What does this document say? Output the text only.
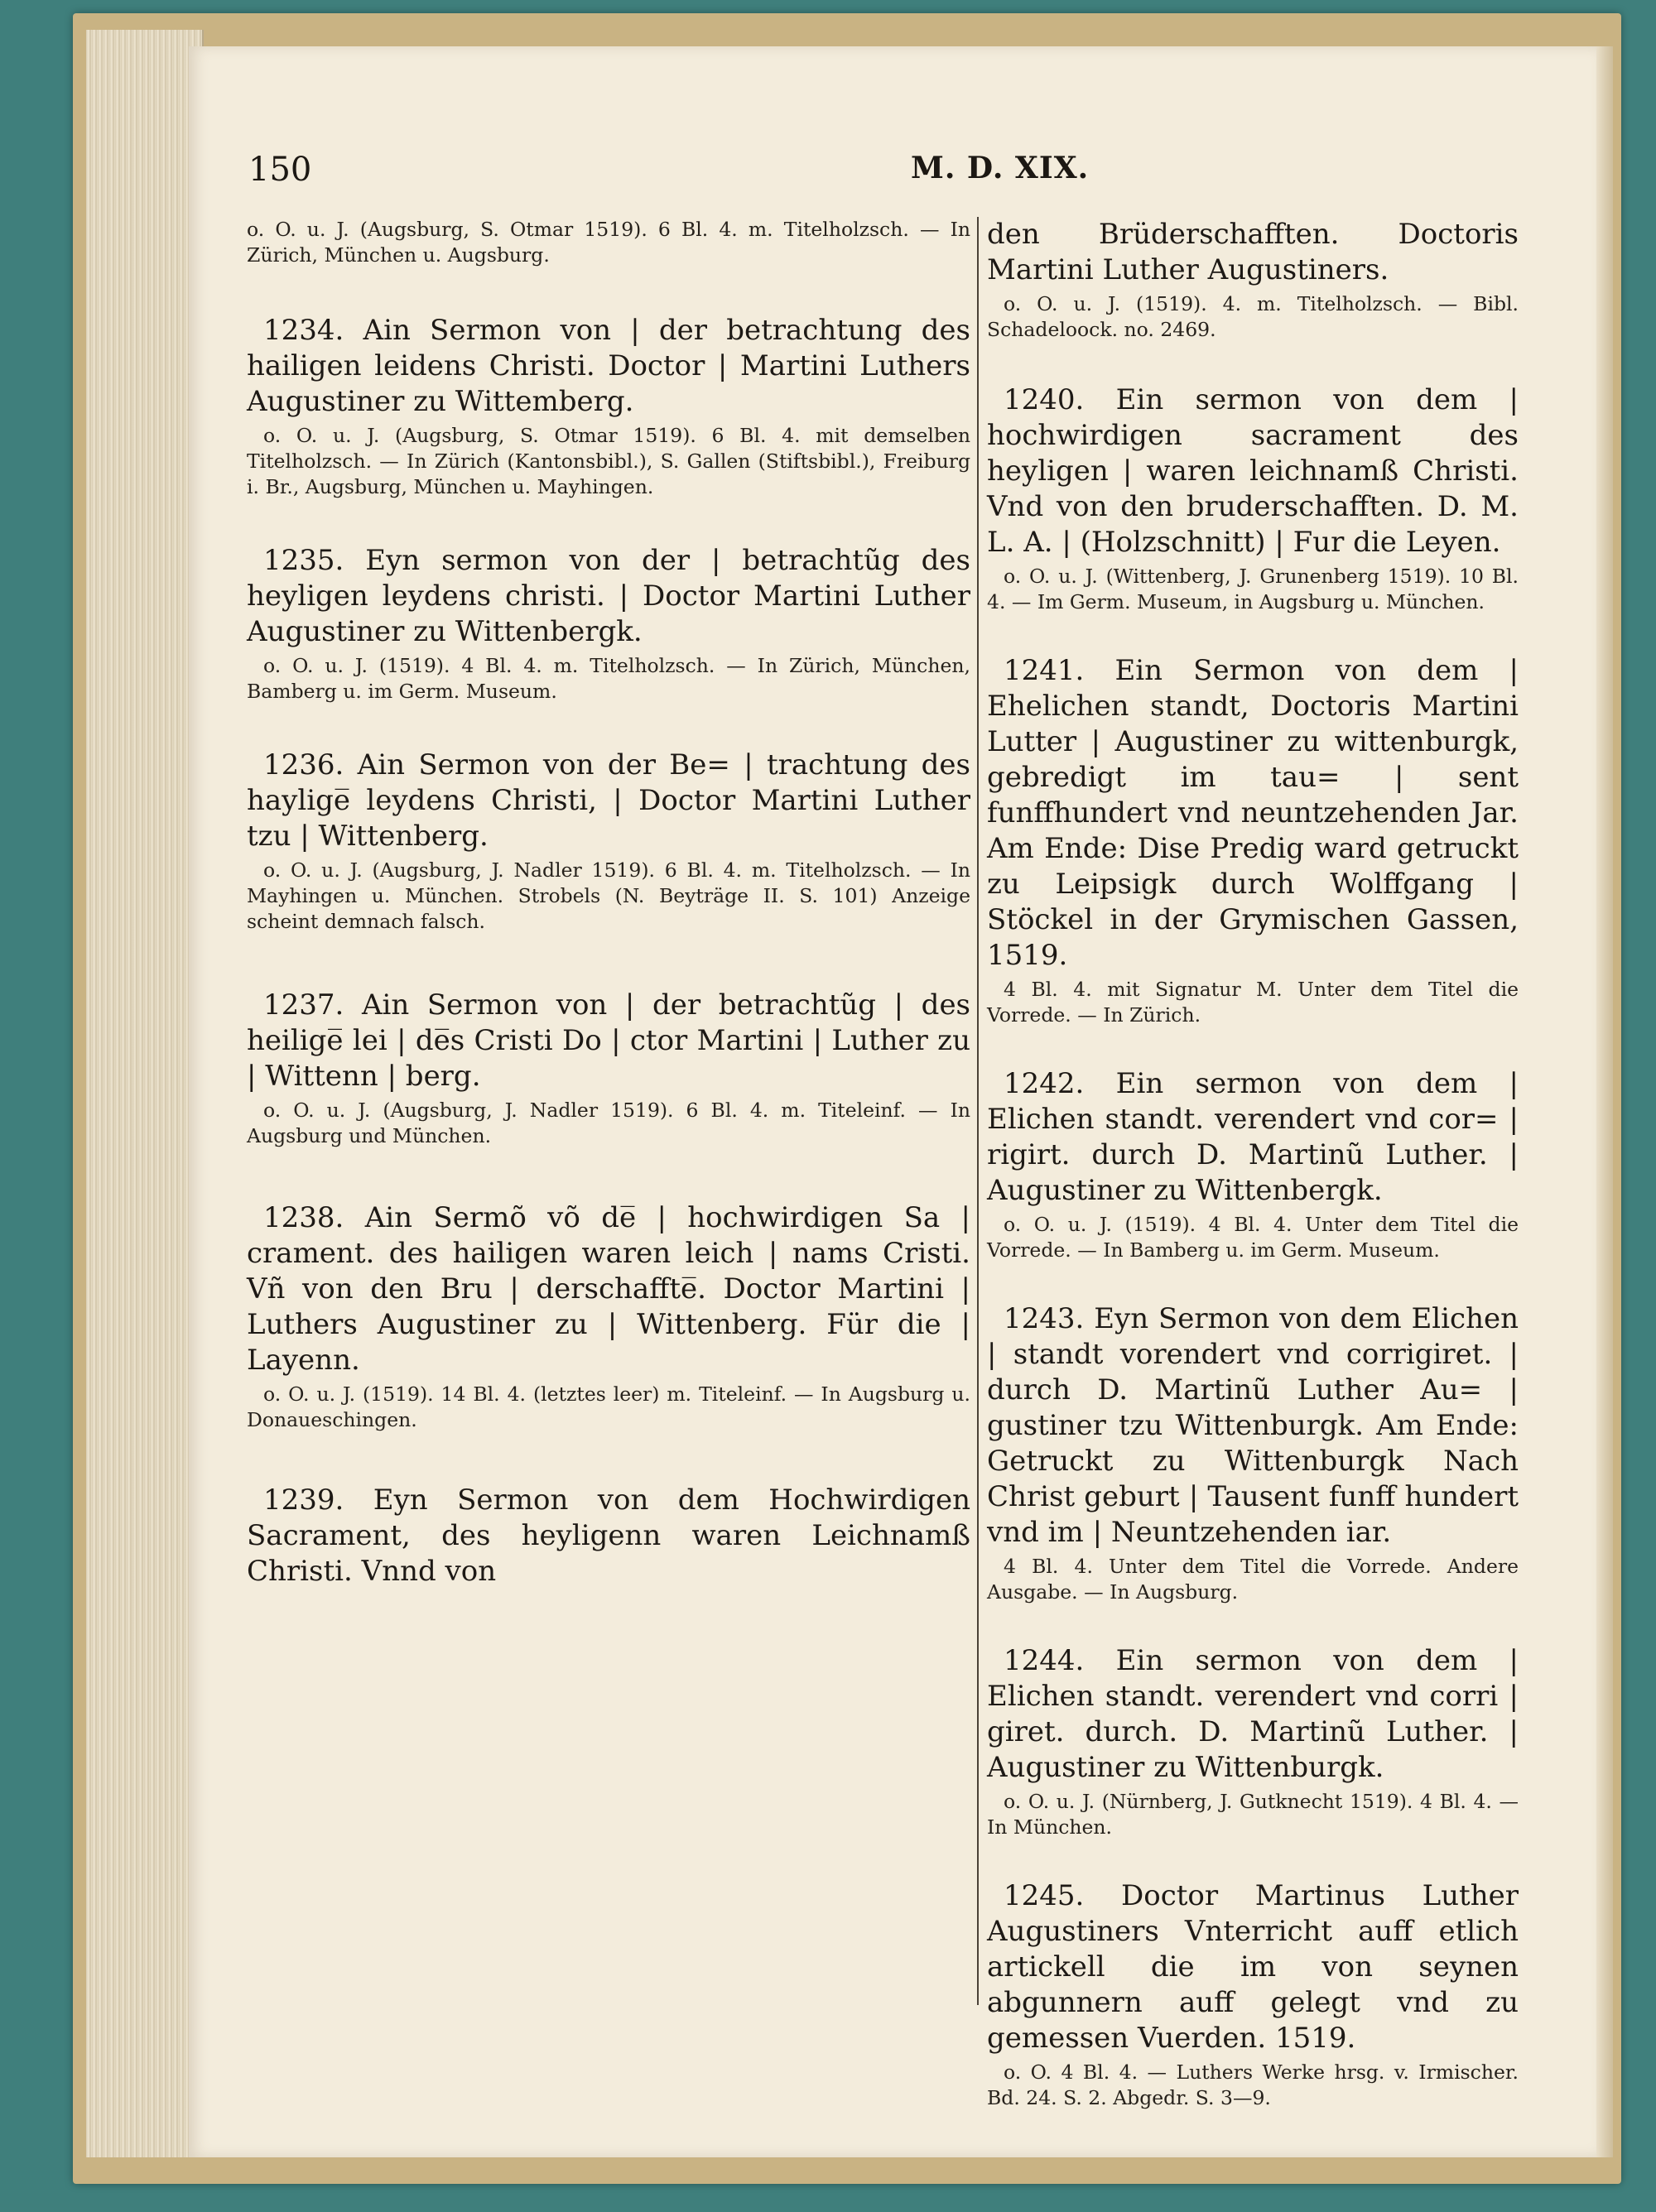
150	M. D. XIX.

o. O. u. J. (Augsburg, S. Otmar 1519). 6 Bl. 4. m. Titelholzsch. — In Zürich, München u. Augsburg.

1234. Ain Sermon von | der betrachtung des hailigen leidens Christi. Doctor | Martini Luthers Augustiner zu Wittemberg.

o. O. u. J. (Augsburg, S. Otmar 1519). 6 Bl. 4. mit demselben Titelholzsch. — In Zürich (Kantonsbibl.), S. Gallen (Stiftsbibl.), Freiburg i. Br., Augsburg, München u. Mayhingen.

1235. Eyn sermon von der | betrachtũg des heyligen leydens christi. | Doctor Martini Luther Augustiner zu Wittenbergk.

o. O. u. J. (1519). 4 Bl. 4. m. Titelholzsch. — In Zürich, München, Bamberg u. im Germ. Museum.

1236. Ain Sermon von der Be= | trachtung des haylige̅ leydens Christi, | Doctor Martini Luther tzu | Wittenberg.

o. O. u. J. (Augsburg, J. Nadler 1519). 6 Bl. 4. m. Titelholzsch. — In Mayhingen u. München. Strobels (N. Beyträge II. S. 101) Anzeige scheint demnach falsch.

1237. Ain Sermon von | der betrachtũg | des heilige̅ lei | de̅s Cristi Do | ctor Martini | Luther zu | Wittenn | berg.

o. O. u. J. (Augsburg, J. Nadler 1519). 6 Bl. 4. m. Titeleinf. — In Augsburg und München.

1238. Ain Sermõ võ de̅ | hochwirdigen Sa | crament. des hailigen waren leich | nams Cristi. Vñ von den Bru | derschaffte̅. Doctor Martini | Luthers Augustiner zu | Wittenberg. Für die | Layenn.

o. O. u. J. (1519). 14 Bl. 4. (letztes leer) m. Titeleinf. — In Augsburg u. Donaueschingen.

1239. Eyn Sermon von dem Hochwirdigen Sacrament, des heyligenn waren Leichnamß Christi. Vnnd von

den Brüderschafften. Doctoris Martini Luther Augustiners.

o. O. u. J. (1519). 4. m. Titelholzsch. — Bibl. Schadeloock. no. 2469.

1240. Ein sermon von dem | hochwirdigen sacrament des heyligen | waren leichnamß Christi. Vnd von den bruderschafften. D. M. L. A. | (Holzschnitt) | Fur die Leyen.

o. O. u. J. (Wittenberg, J. Grunenberg 1519). 10 Bl. 4. — Im Germ. Museum, in Augsburg u. München.

1241. Ein Sermon von dem | Ehelichen standt, Doctoris Martini Lutter | Augustiner zu wittenburgk, gebredigt im tau= | sent funffhundert vnd neuntzehenden Jar. Am Ende: Dise Predig ward getruckt zu Leipsigk durch Wolffgang | Stöckel in der Grymischen Gassen, 1519.

4 Bl. 4. mit Signatur M. Unter dem Titel die Vorrede. — In Zürich.

1242. Ein sermon von dem | Elichen standt. verendert vnd cor= | rigirt. durch D. Martinũ Luther. | Augustiner zu Wittenbergk.

o. O. u. J. (1519). 4 Bl. 4. Unter dem Titel die Vorrede. — In Bamberg u. im Germ. Museum.

1243. Eyn Sermon von dem Elichen | standt vorendert vnd corrigiret. | durch D. Martinũ Luther Au= | gustiner tzu Wittenburgk. Am Ende: Getruckt zu Wittenburgk Nach Christ geburt | Tausent funff hundert vnd im | Neuntzehenden iar.

4 Bl. 4. Unter dem Titel die Vorrede. Andere Ausgabe. — In Augsburg.

1244. Ein sermon von dem | Elichen standt. verendert vnd corri | giret. durch. D. Martinũ Luther. | Augustiner zu Wittenburgk.

o. O. u. J. (Nürnberg, J. Gutknecht 1519). 4 Bl. 4. — In München.

1245. Doctor Martinus Luther Augustiners Vnterricht auff etlich artickell die im von seynen abgunnern auff gelegt vnd zu gemessen Vuerden. 1519.

o. O. 4 Bl. 4. — Luthers Werke hrsg. v. Irmischer. Bd. 24. S. 2. Abgedr. S. 3—9.
